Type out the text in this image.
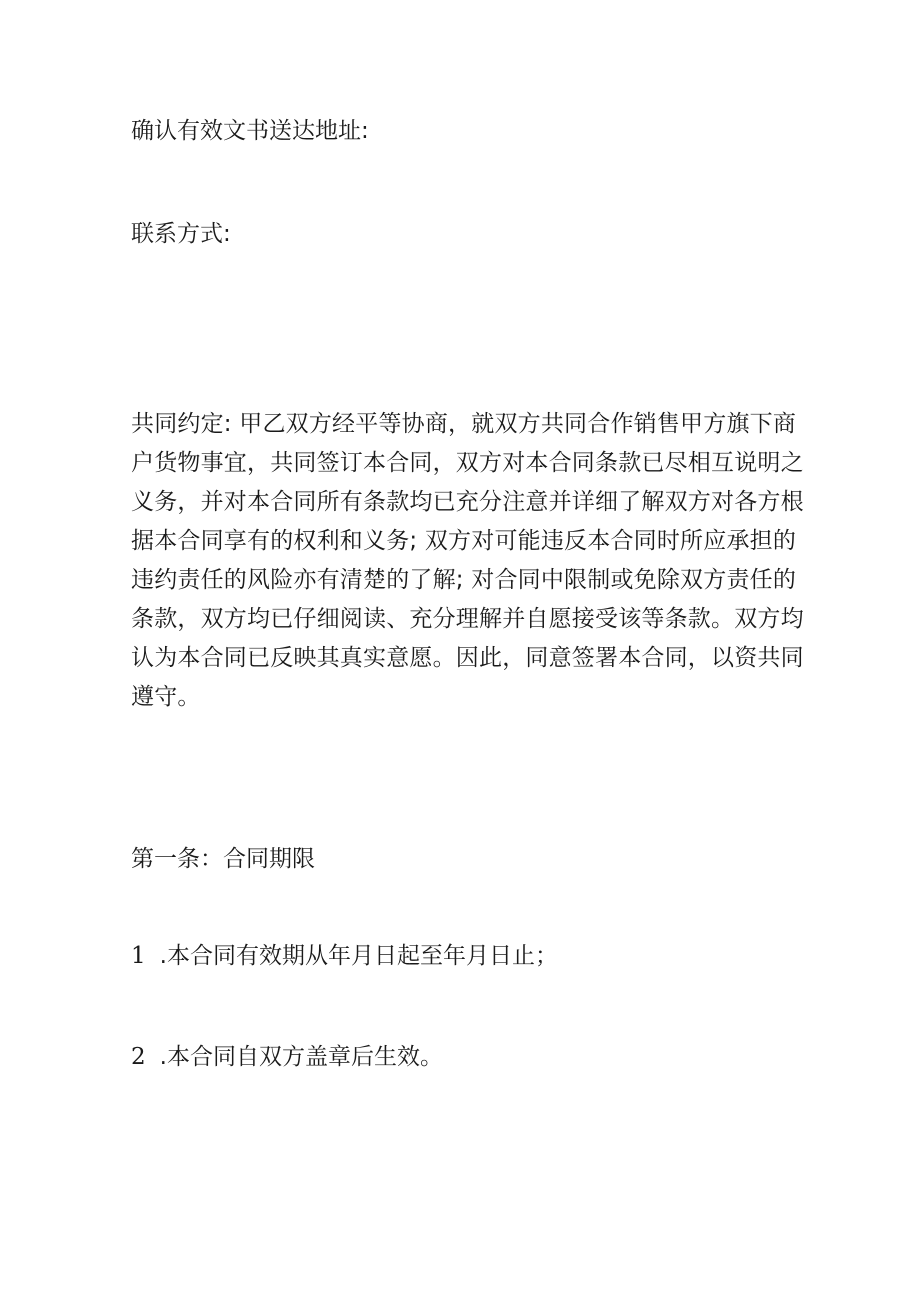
确认有效文书送达地址:

联系方式:

共同约定: 甲乙双方经平等协商，就双方共同合作销售甲方旗下商
户货物事宜，共同签订本合同，双方对本合同条款已尽相互说明之
义务，并对本合同所有条款均已充分注意并详细了解双方对各方根
据本合同享有的权利和义务; 双方对可能违反本合同时所应承担的
违约责任的风险亦有清楚的了解; 对合同中限制或免除双方责任的
条款，双方均已仔细阅读、充分理解并自愿接受该等条款。双方均
认为本合同已反映其真实意愿。因此，同意签署本合同，以资共同
遵守。

第一条：合同期限

1 .本合同有效期从年月日起至年月日止；

2 .本合同自双方盖章后生效。
